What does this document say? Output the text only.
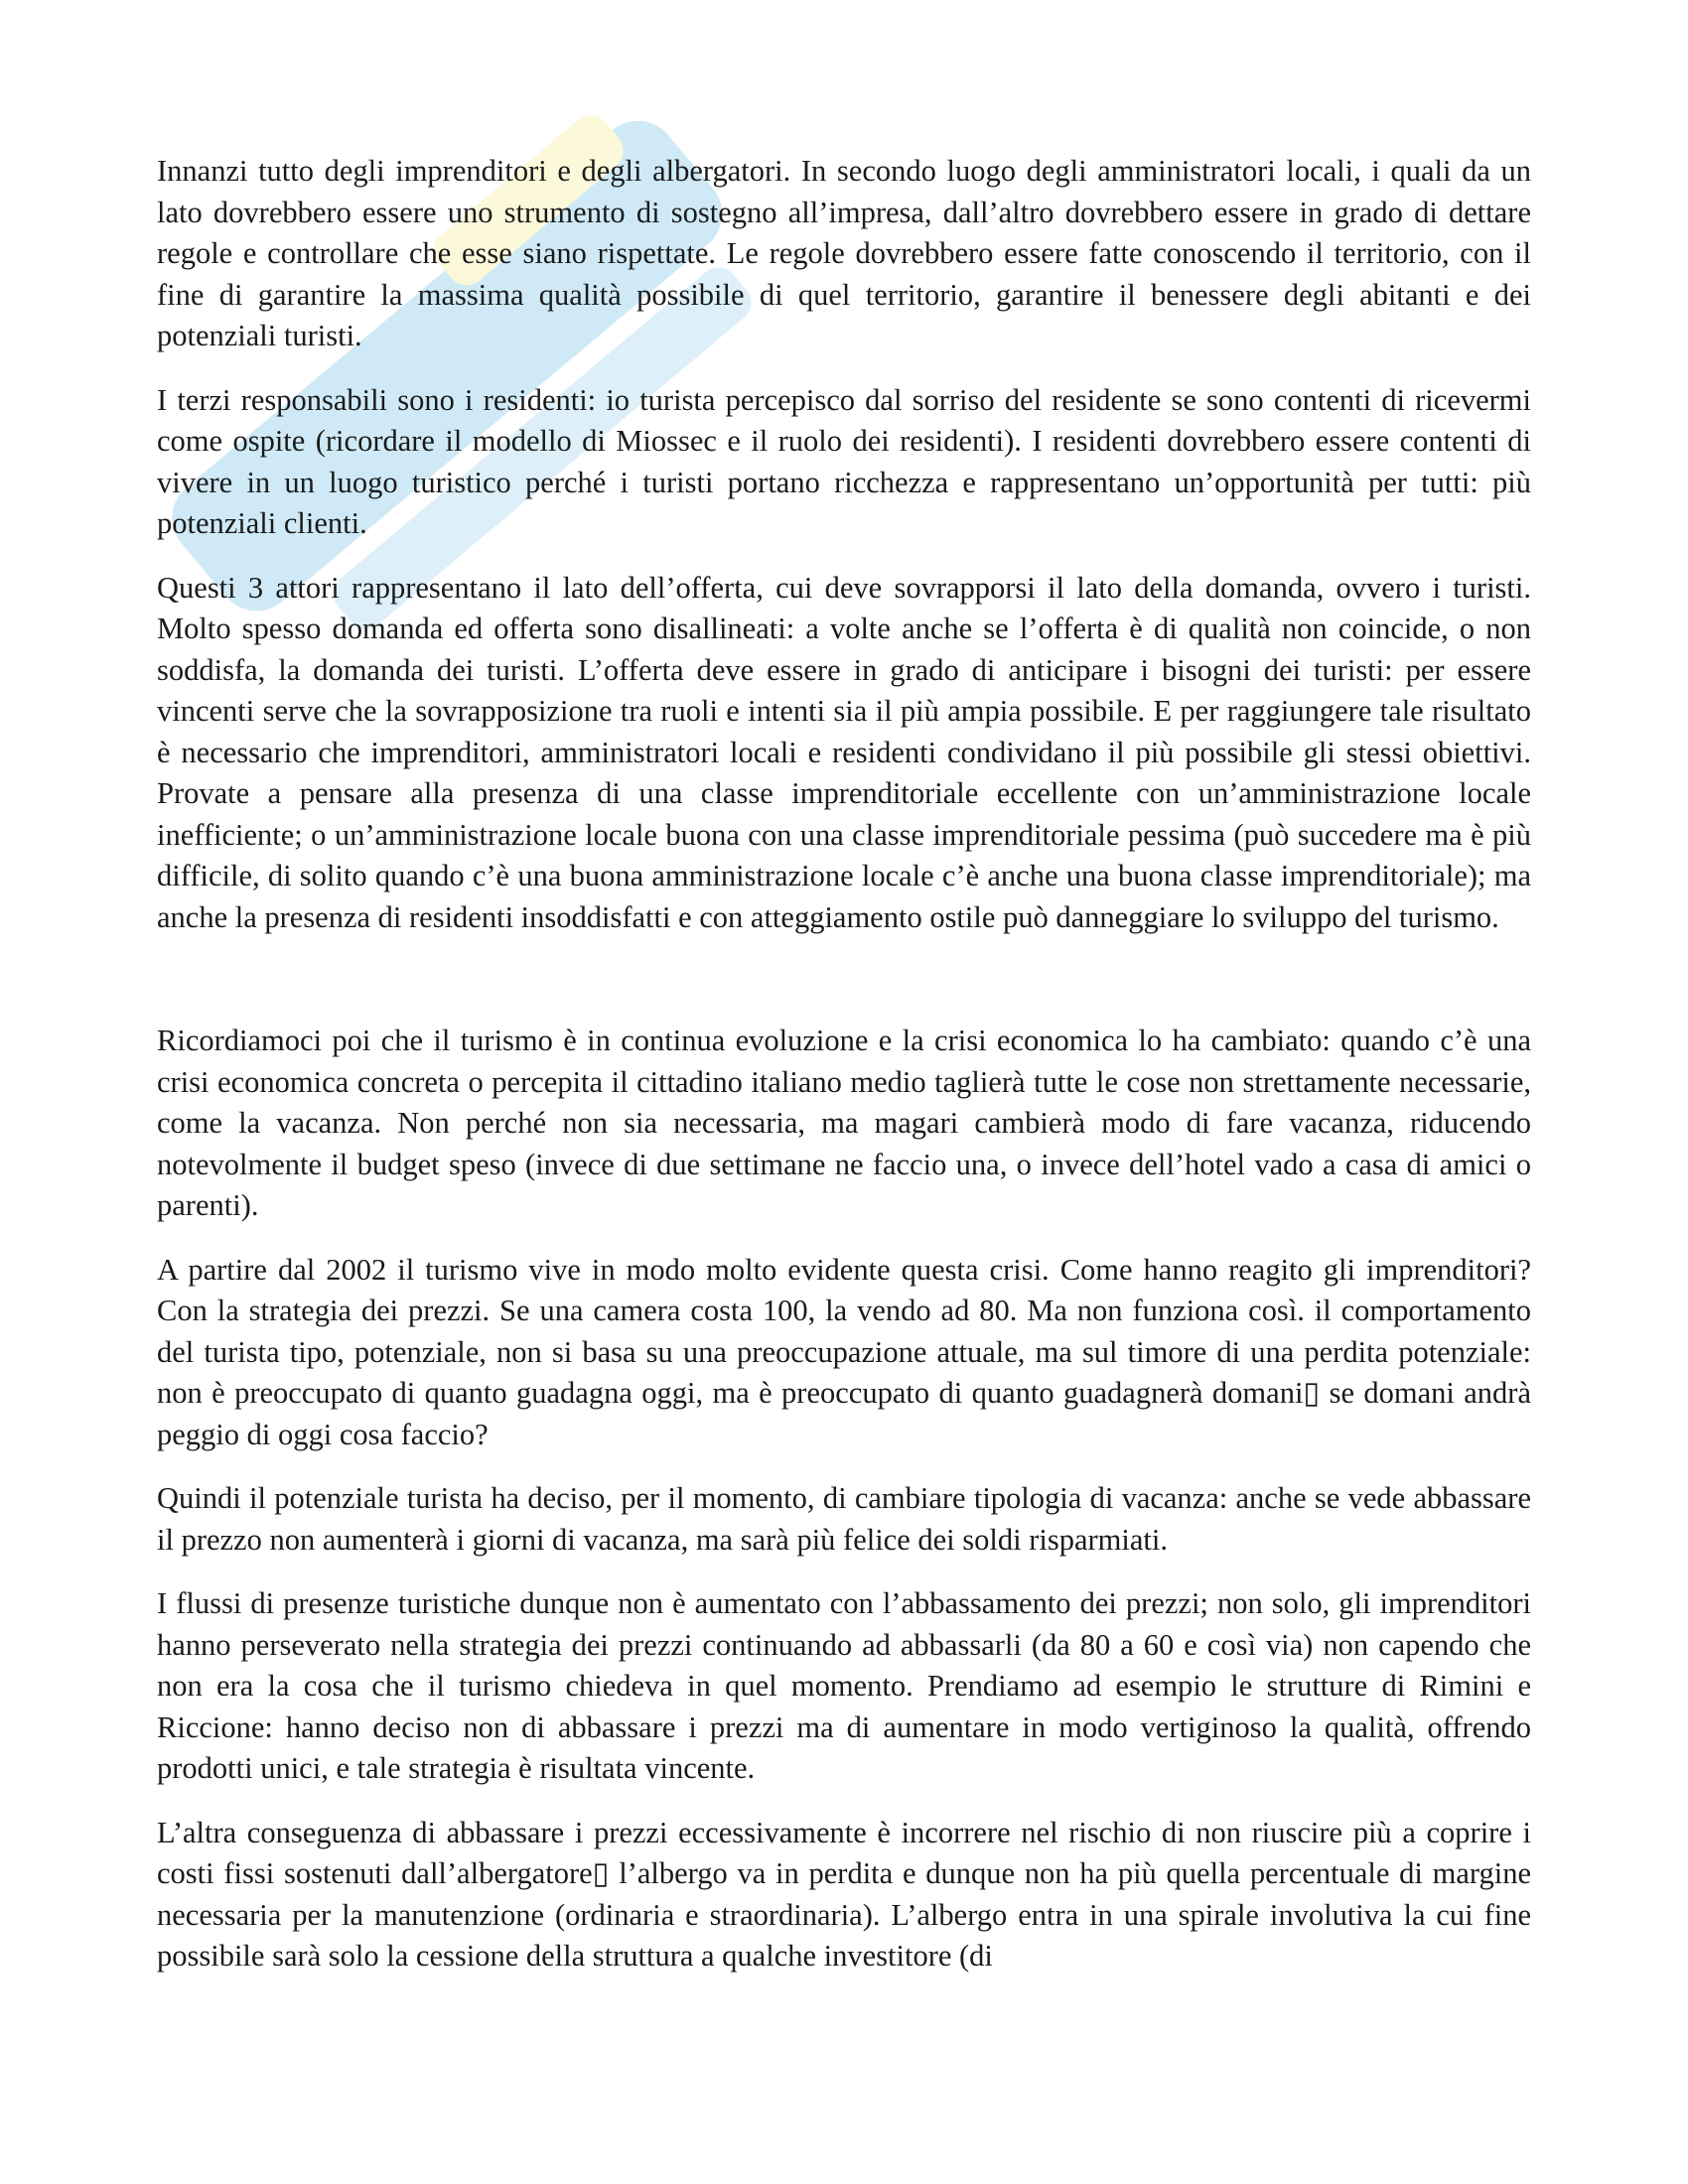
Innanzi tutto degli imprenditori e degli albergatori. In secondo luogo degli amministratori locali, i quali da un lato dovrebbero essere uno strumento di sostegno all’impresa, dall’altro dovrebbero essere in grado di dettare regole e controllare che esse siano rispettate. Le regole dovrebbero essere fatte conoscendo il territorio, con il fine di garantire la massima qualità possibile di quel territorio, garantire il benessere degli abitanti e dei potenziali turisti.

I terzi responsabili sono i residenti: io turista percepisco dal sorriso del residente se sono contenti di ricevermi come ospite (ricordare il modello di Miossec e il ruolo dei residenti). I residenti dovrebbero essere contenti di vivere in un luogo turistico perché i turisti portano ricchezza e rappresentano un’opportunità per tutti: più potenziali clienti.

Questi 3 attori rappresentano il lato dell’offerta, cui deve sovrapporsi il lato della domanda, ovvero i turisti. Molto spesso domanda ed offerta sono disallineati: a volte anche se l’offerta è di qualità non coincide, o non soddisfa, la domanda dei turisti. L’offerta deve essere in grado di anticipare i bisogni dei turisti: per essere vincenti serve che la sovrapposizione tra ruoli e intenti sia il più ampia possibile. E per raggiungere tale risultato è necessario che imprenditori, amministratori locali e residenti condividano il più possibile gli stessi obiettivi. Provate a pensare alla presenza di una classe imprenditoriale eccellente con un’amministrazione locale inefficiente; o un’amministrazione locale buona con una classe imprenditoriale pessima (può succedere ma è più difficile, di solito quando c’è una buona amministrazione locale c’è anche una buona classe imprenditoriale); ma anche la presenza di residenti insoddisfatti e con atteggiamento ostile può danneggiare lo sviluppo del turismo.

Ricordiamoci poi che il turismo è in continua evoluzione e la crisi economica lo ha cambiato: quando c’è una crisi economica concreta o percepita il cittadino italiano medio taglierà tutte le cose non strettamente necessarie, come la vacanza. Non perché non sia necessaria, ma magari cambierà modo di fare vacanza, riducendo notevolmente il budget speso (invece di due settimane ne faccio una, o invece dell’hotel vado a casa di amici o parenti).

A partire dal 2002 il turismo vive in modo molto evidente questa crisi. Come hanno reagito gli imprenditori? Con la strategia dei prezzi. Se una camera costa 100, la vendo ad 80. Ma non funziona così. il comportamento del turista tipo, potenziale, non si basa su una preoccupazione attuale, ma sul timore di una perdita potenziale: non è preoccupato di quanto guadagna oggi, ma è preoccupato di quanto guadagnerà domani▯ se domani andrà peggio di oggi cosa faccio?

Quindi il potenziale turista ha deciso, per il momento, di cambiare tipologia di vacanza: anche se vede abbassare il prezzo non aumenterà i giorni di vacanza, ma sarà più felice dei soldi risparmiati.

I flussi di presenze turistiche dunque non è aumentato con l’abbassamento dei prezzi; non solo, gli imprenditori hanno perseverato nella strategia dei prezzi continuando ad abbassarli (da 80 a 60 e così via) non capendo che non era la cosa che il turismo chiedeva in quel momento. Prendiamo ad esempio le strutture di Rimini e Riccione: hanno deciso non di abbassare i prezzi ma di aumentare in modo vertiginoso la qualità, offrendo prodotti unici, e tale strategia è risultata vincente.

L’altra conseguenza di abbassare i prezzi eccessivamente è incorrere nel rischio di non riuscire più a coprire i costi fissi sostenuti dall’albergatore▯ l’albergo va in perdita e dunque non ha più quella percentuale di margine necessaria per la manutenzione (ordinaria e straordinaria). L’albergo entra in una spirale involutiva la cui fine possibile sarà solo la cessione della struttura a qualche investitore (di
